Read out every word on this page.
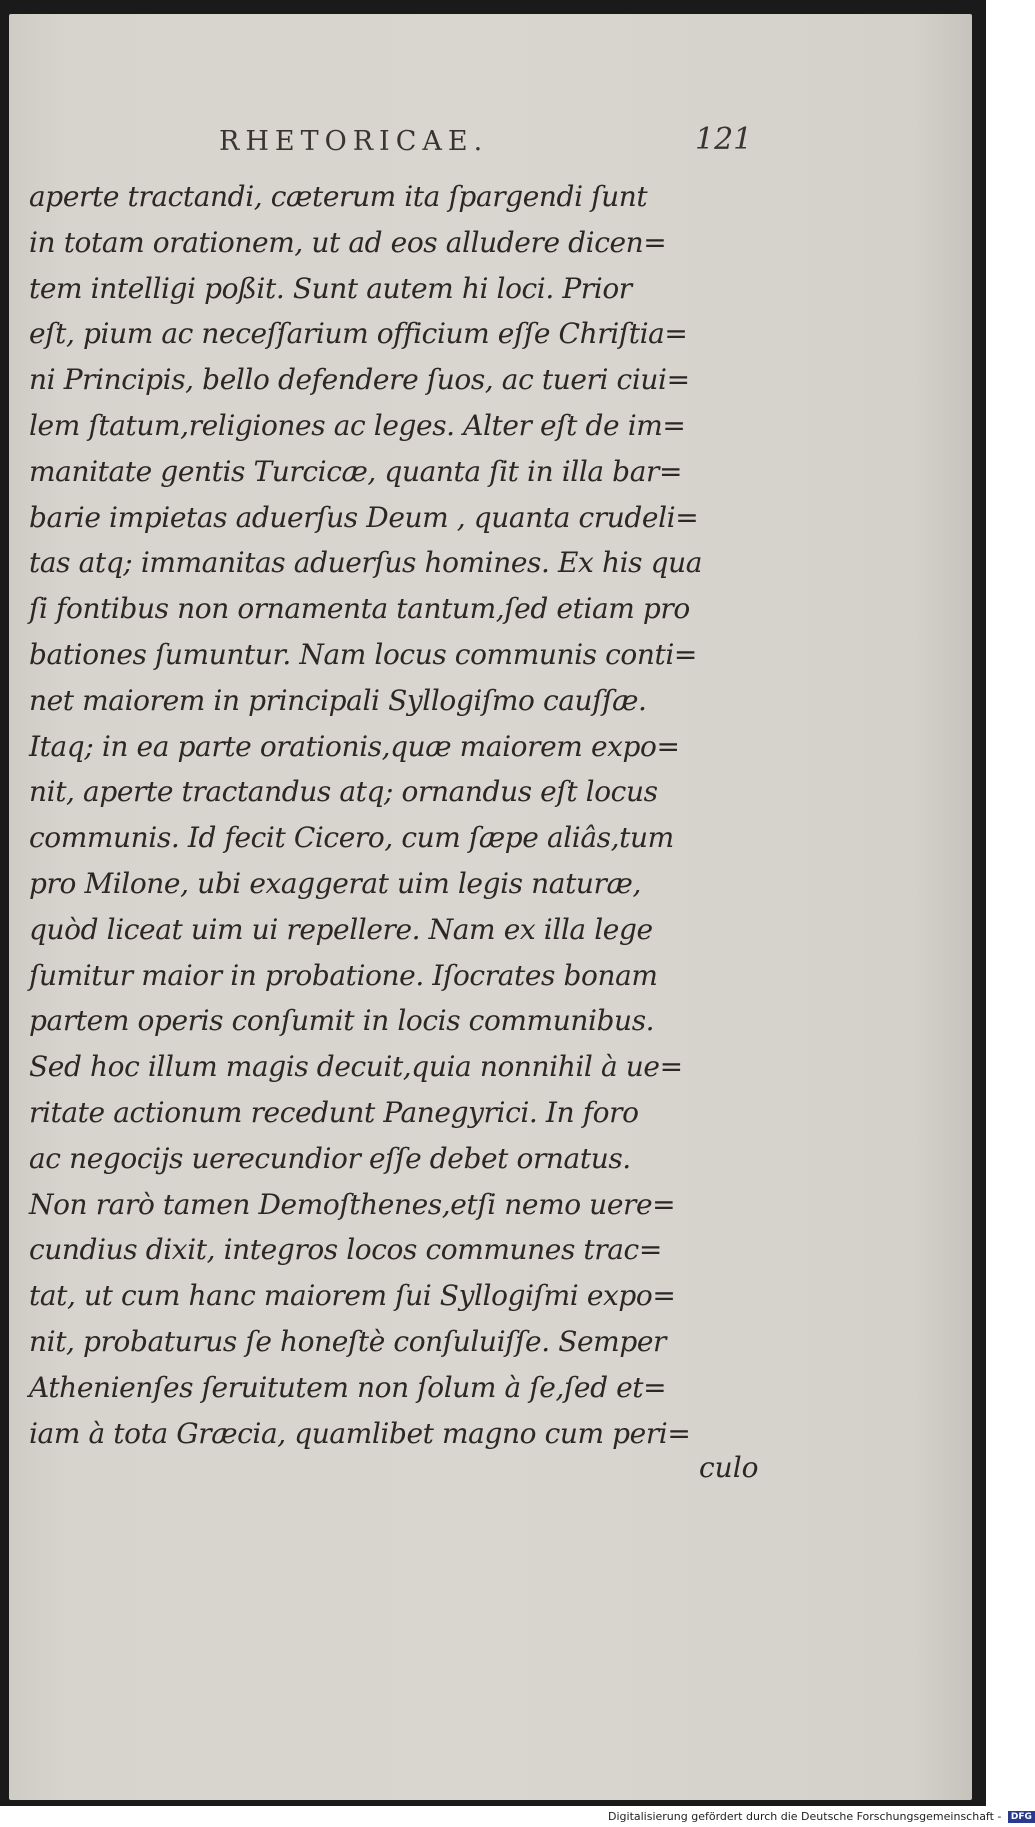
RHETORICAE.	121
aperte tractandi, cæterum ita ſpargendi ſunt
in totam orationem, ut ad eos alludere dicen=
tem intelligi poßit. Sunt autem hi loci. Prior
eſt, pium ac neceſſarium officium eſſe Chriſtia=
ni Principis, bello defendere ſuos, ac tueri ciui=
lem ſtatum,religiones ac leges. Alter eſt de im=
manitate gentis Turcicæ, quanta ſit in illa bar=
barie impietas aduerſus Deum , quanta crudeli=
tas atq; immanitas aduerſus homines. Ex his qua
ſi fontibus non ornamenta tantum,ſed etiam pro
bationes ſumuntur. Nam locus communis conti=
net maiorem in principali Syllogiſmo cauſſæ.
Itaq; in ea parte orationis,quæ maiorem expo=
nit, aperte tractandus atq; ornandus eſt locus
communis. Id fecit Cicero, cum ſæpe aliâs,tum
pro Milone, ubi exaggerat uim legis naturæ,
quòd liceat uim ui repellere. Nam ex illa lege
ſumitur maior in probatione. Iſocrates bonam
partem operis conſumit in locis communibus.
Sed hoc illum magis decuit,quia nonnihil à ue=
ritate actionum recedunt Panegyrici. In foro
ac negocijs uerecundior eſſe debet ornatus.
Non rarò tamen Demoſthenes,etſi nemo uere=
cundius dixit, integros locos communes trac=
tat, ut cum hanc maiorem ſui Syllogiſmi expo=
nit, probaturus ſe honeſtè conſuluiſſe. Semper
Athenienſes ſeruitutem non ſolum à ſe,ſed et=
iam à tota Græcia, quamlibet magno cum peri=
culo
Digitalisierung gefördert durch die Deutsche Forschungsgemeinschaft - DFG
